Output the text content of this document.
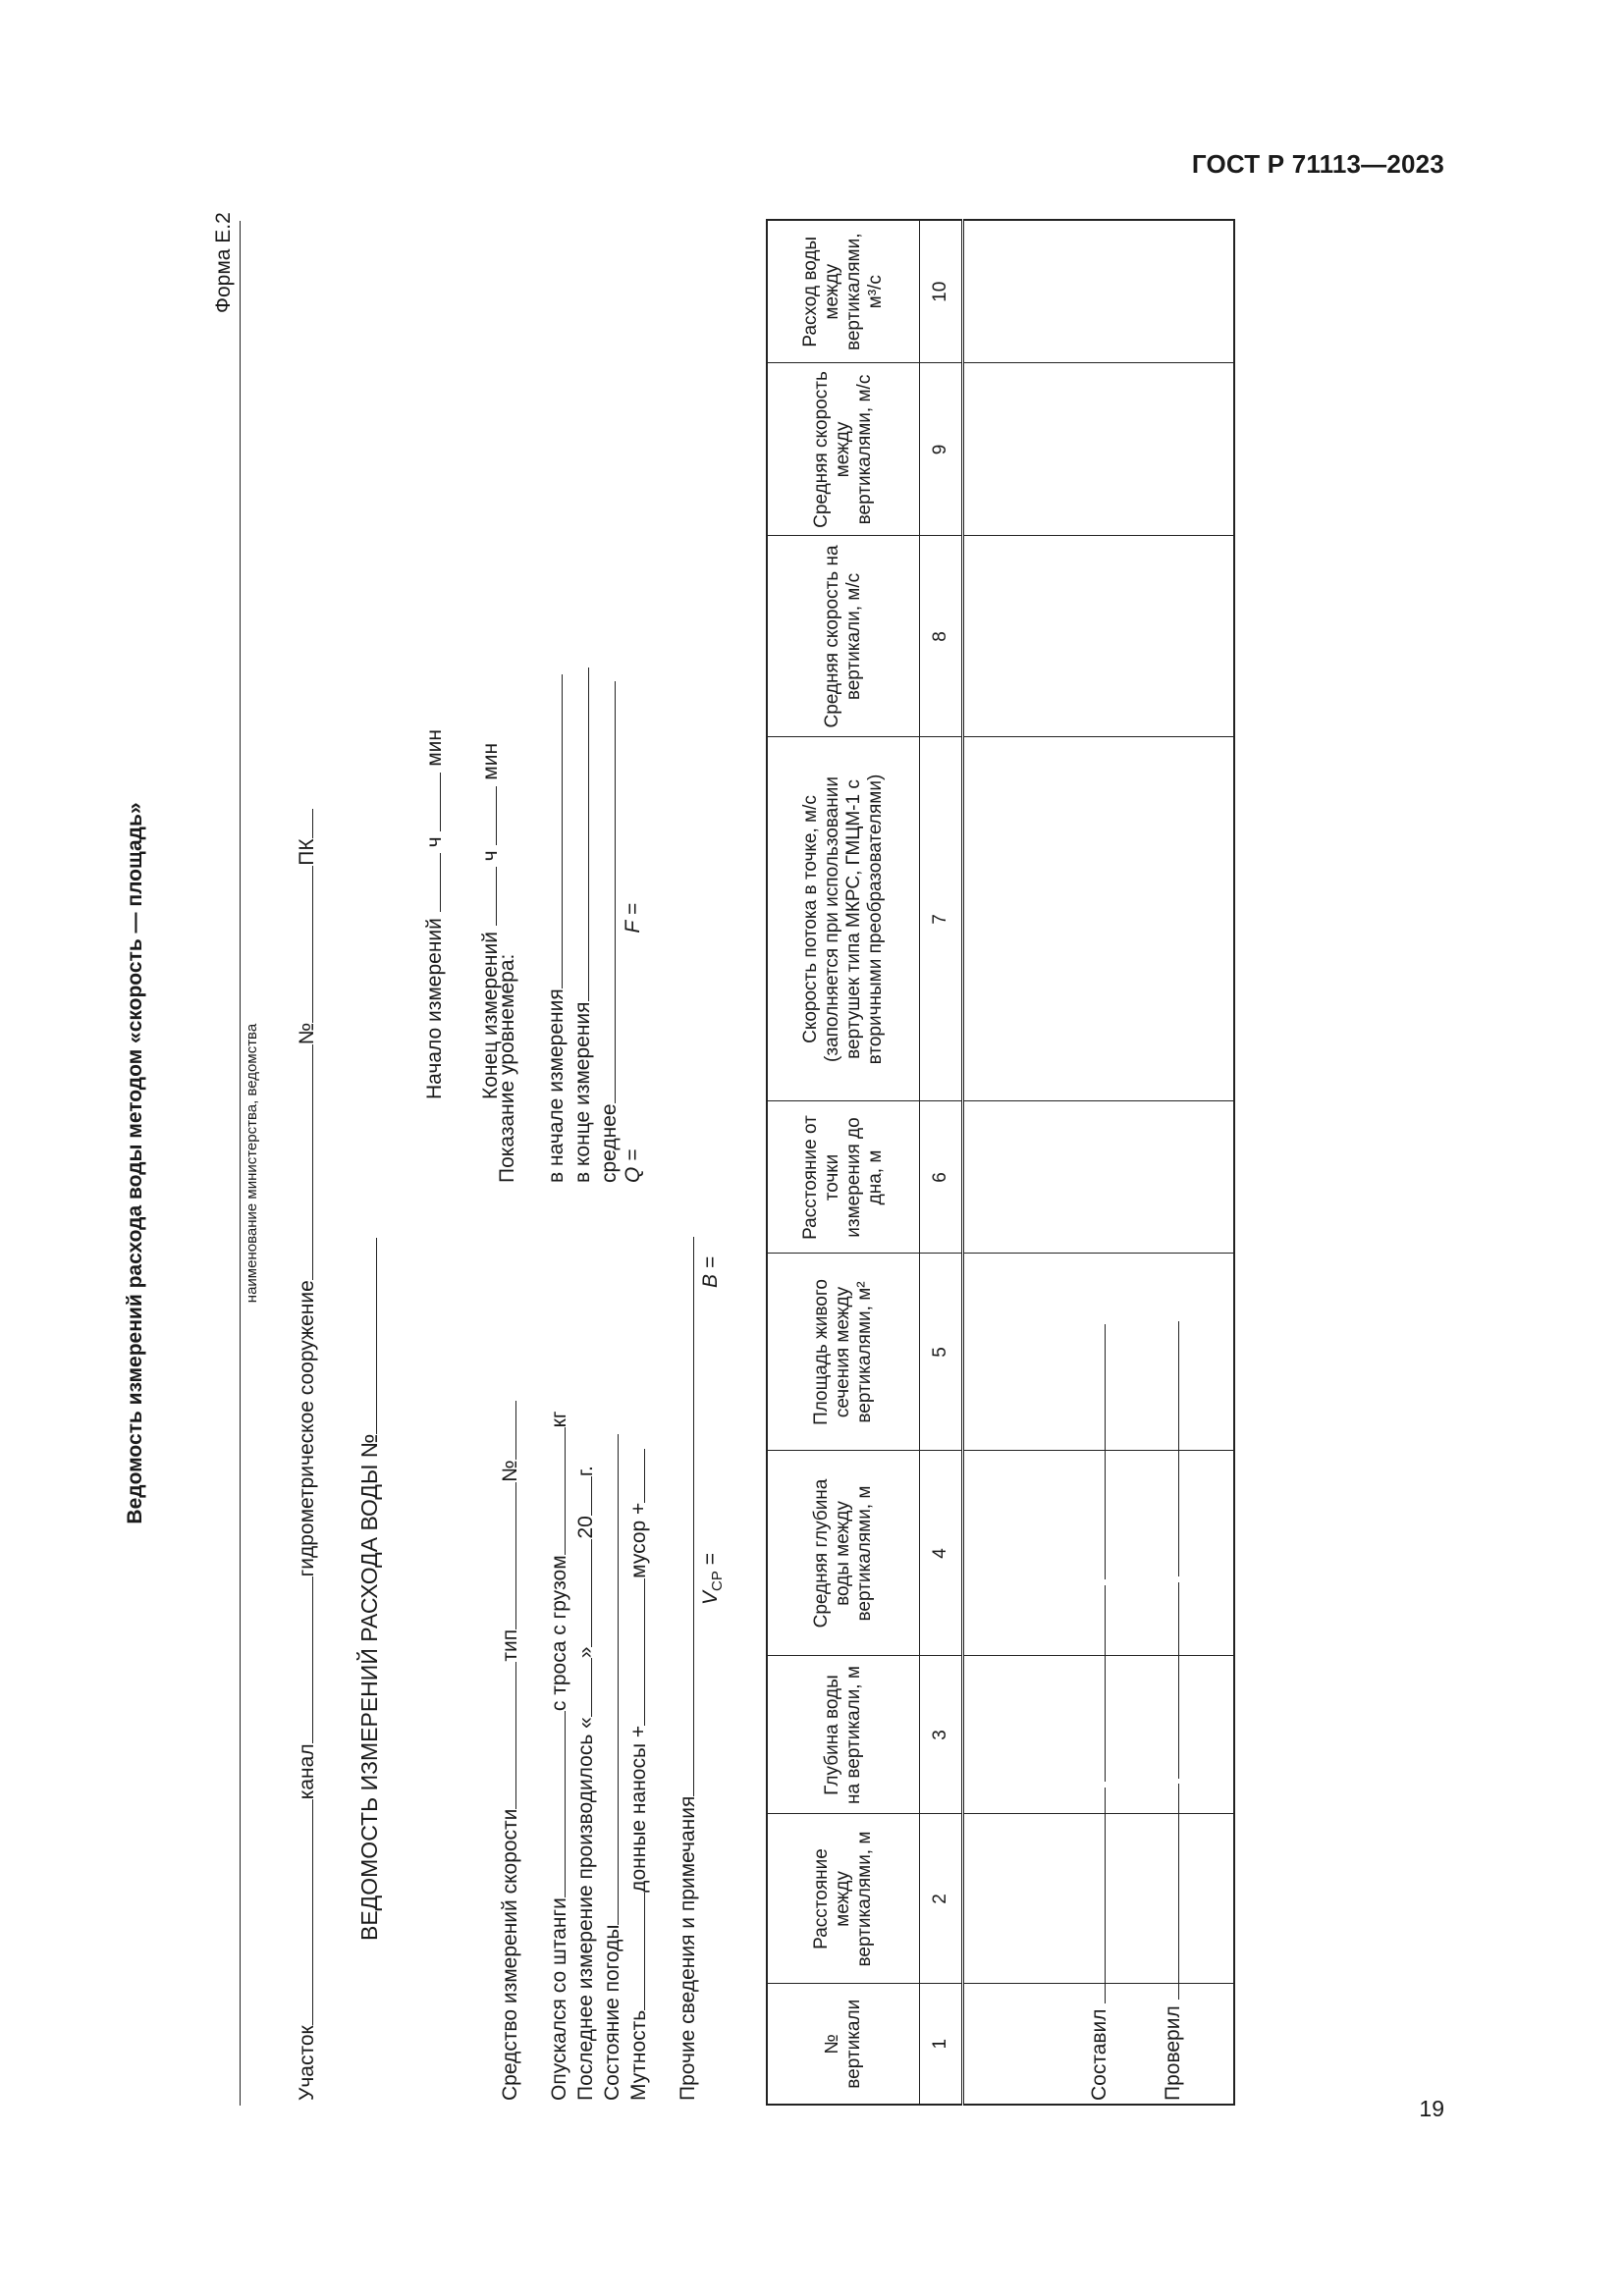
ГОСТ Р 71113—2023
19
Ведомость измерений расхода воды методом «скорость — площадь»
Форма Е.2
наименование министерства, ведомства
Участокканалгидрометрическое сооружение№ПК
ВЕДОМОСТЬ ИЗМЕРЕНИЙ РАСХОДА ВОДЫ №
Начало измерений  ч  мин
Конец измерений  ч  мин
Средство измерений скороститип№
Опускался со штангис троса с грузомкг
Последнее измерение производилось «»20г.
Состояние погоды Мутностьдонные наносы +мусор +
Прочие сведения и примечания
Показание уровнемера: в начале измерения в конце измерения среднее Q =F =
$V_{СР} =B$ =
№ вертикали	Расстояние между вертикалями, м	Глубина воды на вертикали, м	Средняя глубина воды между вертикалями, м	Площадь живого сечения между вертикалями, м²	Расстояние от точки измерения до дна, м	Скорость потока в точке, м/с (заполняется при использовании вертушек типа МКРС, ГМЦМ-1 с вторичными преобразователями)	Средняя скорость на вертикали, м/с	Средняя скорость между вертикалями, м/с	Расход воды между вертикалями, м³/с
1	2	3	4	5	6	7	8	9	10

Составил Проверил
